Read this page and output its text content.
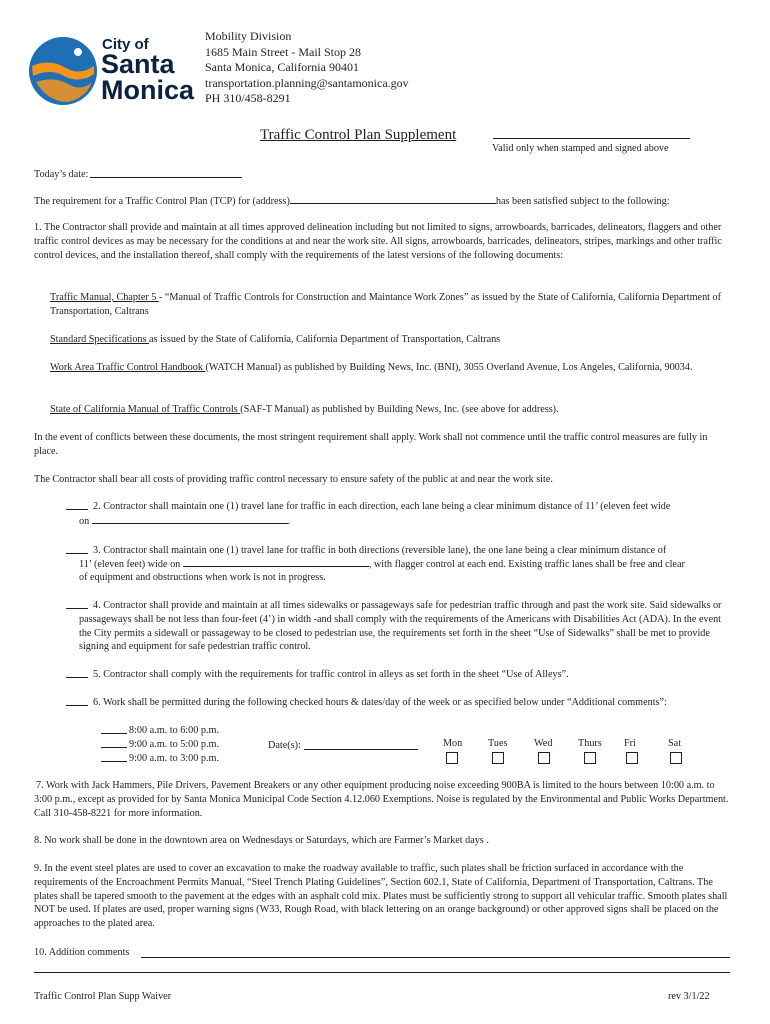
City of
Santa
Monica
Mobility Division
1685 Main Street - Mail Stop 28
Santa Monica, California 90401
transportation.planning@santamonica.gov
PH 310/458-8291
Traffic Control Plan Supplement
Valid only when stamped and signed above
Today’s date:
The requirement for a Traffic Control Plan (TCP) for (address)	has been satisfied subject to the following:
1. The Contractor shall provide and maintain at all times approved delineation including but not limited to signs, arrowboards, barricades, delineators, flaggers and other traffic control devices as may be necessary for the conditions at and near the work site. All signs, arrowboards, barricades, delineators, stripes, markings and other traffic control devices, and the installation thereof, shall comply with the requirements of the latest versions of the following documents:
Traffic Manual, Chapter 5 - “Manual of Traffic Controls for Construction and Maintance Work Zones” as issued by the State of California, California Department of Transportation, Caltrans
Standard Specifications as issued by the State of California, California Department of Transportation, Caltrans
Work Area Traffic Control Handbook (WATCH Manual) as published by Building News, Inc. (BNI), 3055 Overland Avenue, Los Angeles, California, 90034.
State of California Manual of Traffic Controls (SAF-T Manual) as published by Building News, Inc. (see above for address).
In the event of conflicts between these documents, the most stringent requirement shall apply. Work shall not commence until the traffic control measures are fully in place.
The Contractor shall bear all costs of providing traffic control necessary to ensure safety of the public at and near the work site.
2. Contractor shall maintain one (1) travel lane for traffic in each direction, each lane being a clear minimum distance of 11’ (eleven feet wide
on	.
3. Contractor shall maintain one (1) travel lane for traffic in both directions (reversible lane), the one lane being a clear minimum distance of
11’ (eleven feet) wide on	, with flagger control at each end. Existing traffic lanes shall be free and clear
of equipment and obstructions when work is not in progress.
4. Contractor shall provide and maintain at all times sidewalks or passageways safe for pedestrian traffic through and past the work site. Said sidewalks or passageways shall be not less than four-feet (4’) in width -and shall comply with the requirements of the Americans with Disabilities Act (ADA). In the event the City permits a sidewall or passageway to be closed to pedestrian use, the requirements set forth in the sheet “Use of Sidewalks” shall be met to provide signing and equipment for safe pedestrian traffic control.
5. Contractor shall comply with the requirements for traffic control in alleys as set forth in the sheet “Use of Alleys”.
6. Work shall be permitted during the following checked hours & dates/day of the week or as specified below under “Additional comments”:
8:00 a.m. to 6:00 p.m.
9:00 a.m. to 5:00 p.m.
9:00 a.m. to 3:00 p.m.
Date(s):	Mon	Tues	Wed	Thurs Fri	Sat
7. Work with Jack Hammers, Pile Drivers, Pavement Breakers or any other equipment producing noise exceeding 900BA is limited to the hours between 10:00 a.m. to 3:00 p.m., except as provided for by Santa Monica Municipal Code Section 4.12.060 Exemptions. Noise is regulated by the Environmental and Public Works Department. Call 310-458-8221 for more information.
8. No work shall be done in the downtown area on Wednesdays or Saturdays, which are Farmer’s Market days .
9. In the event steel plates are used to cover an excavation to make the roadway available to traffic, such plates shall be friction surfaced in accordance with the requirements of the Encroachment Permits Manual, “Steel Trench Plating Guidelines”, Section 602.1, State of California, Department of Transportation, Caltrans. The plates shall be tapered smooth to the pavement at the edges with an asphalt cold mix. Plates must be sufficiently strong to support all vehicular traffic. Smooth plates shall NOT be used. If plates are used, proper warning signs (W33, Rough Road, with black lettering on an orange background) or other approved signs shall be placed on the approaches to the plated area.
10. Addition comments
Traffic Control Plan Supp Waiver	rev 3/1/22
